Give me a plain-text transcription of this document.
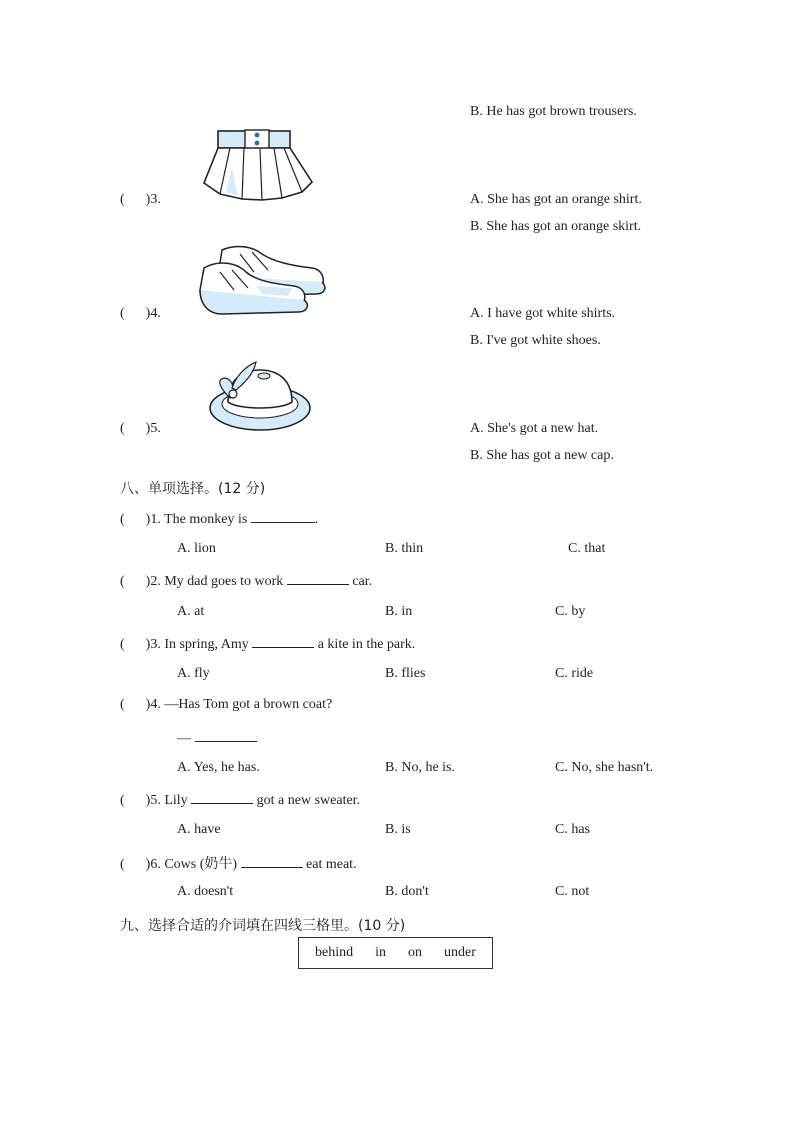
B. He has got brown trousers.
(      )3.	A. She has got an orange shirt.
B. She has got an orange skirt.
(      )4.	A. I have got white shirts.
B. I've got white shoes.
(      )5.	A. She's got a new hat.
B. She has got a new cap.
八、单项选择。(12 分)
(      )1. The monkey is	.
A. lion	B. thin	C. that
(      )2. My dad goes to work	car.
A. at	B. in	C. by
(      )3. In spring, Amy	a kite in the park.
A. fly	B. flies	C. ride
(      )4. —Has Tom got a brown coat?
—
A. Yes, he has.	B. No, he is.	C. No, she hasn't.
(      )5. Lily	got a new sweater.
A. have	B. is	C. has
(      )6. Cows (奶牛)	eat meat.
A. doesn't	B. don't	C. not
九、选择合适的介词填在四线三格里。(10 分)
behind in on under
